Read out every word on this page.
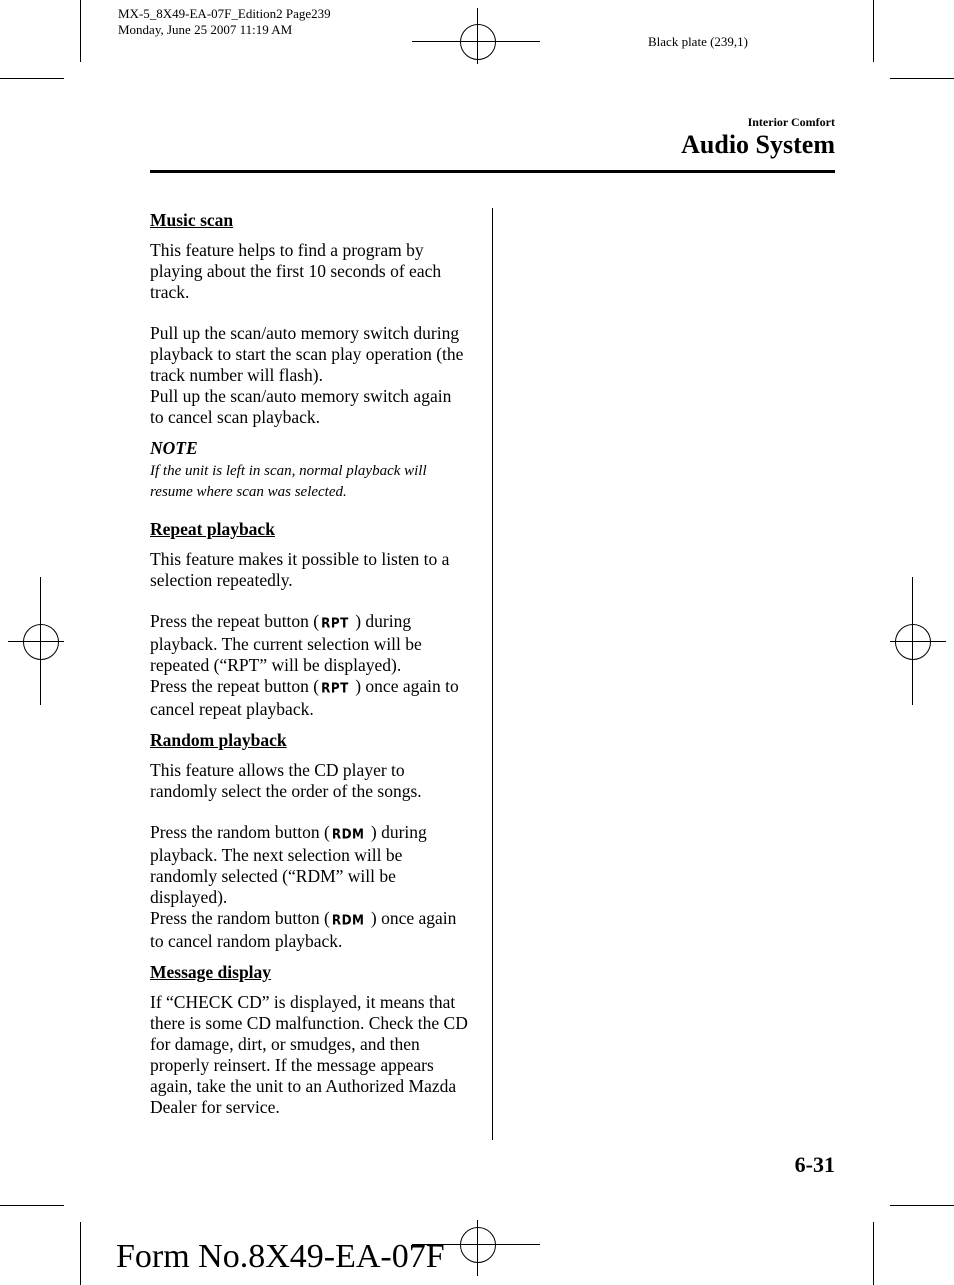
MX-5_8X49-EA-07F_Edition2 Page239
Monday, June 25 2007 11:19 AM
Black plate (239,1)
Interior Comfort
Audio System
Music scan

This feature helps to find a program by playing about the first 10 seconds of each track.

Pull up the scan/auto memory switch during playback to start the scan play operation (the track number will flash).

Pull up the scan/auto memory switch again to cancel scan playback.

NOTE
If the unit is left in scan, normal playback will resume where scan was selected.
Repeat playback

This feature makes it possible to listen to a selection repeatedly.

Press the repeat button ( RPT ) during playback. The current selection will be repeated (“RPT” will be displayed).

Press the repeat button ( RPT ) once again to cancel repeat playback.

Random playback

This feature allows the CD player to randomly select the order of the songs.

Press the random button ( RDM ) during playback. The next selection will be randomly selected (“RDM” will be displayed).

Press the random button ( RDM ) once again to cancel random playback.

Message display

If “CHECK CD” is displayed, it means that there is some CD malfunction. Check the CD for damage, dirt, or smudges, and then properly reinsert. If the message appears again, take the unit to an Authorized Mazda Dealer for service.

6-31
Form No.8X49-EA-07F
